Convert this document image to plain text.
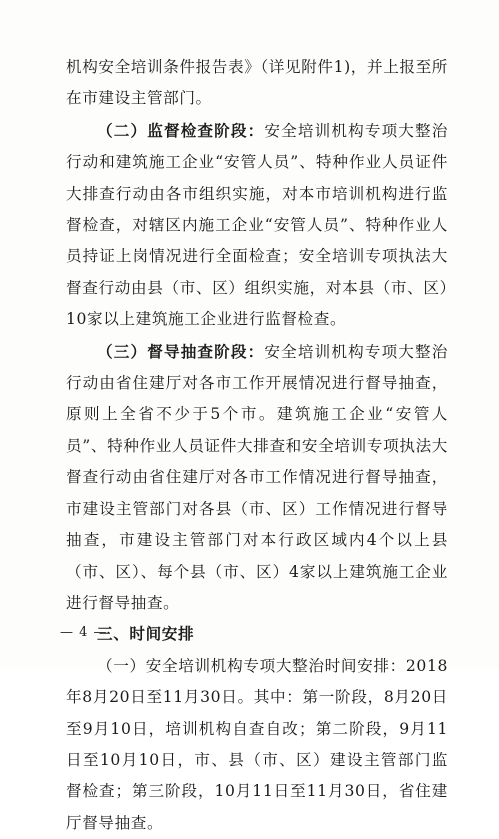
机构安全培训条件报告表》（详见附件1)，并上报至所在市建设主管部门。

（二）监督检查阶段：安全培训机构专项大整治行动和建筑施工企业“安管人员”、特种作业人员证件大排查行动由各市组织实施，对本市培训机构进行监督检查，对辖区内施工企业“安管人员”、特种作业人员持证上岗情况进行全面检查；安全培训专项执法大督查行动由县（市、区）组织实施，对本县（市、区）10家以上建筑施工企业进行监督检查。

（三）督导抽查阶段：安全培训机构专项大整治行动由省住建厅对各市工作开展情况进行督导抽查，原则上全省不少于5个市。建筑施工企业“安管人员”、特种作业人员证件大排查和安全培训专项执法大督查行动由省住建厅对各市工作情况进行督导抽查，市建设主管部门对各县（市、区）工作情况进行督导抽查，市建设主管部门对本行政区域内4个以上县（市、区）、每个县（市、区）4家以上建筑施工企业进行督导抽查。

三、时间安排

（一）安全培训机构专项大整治时间安排：2018年8月20日至11月30日。其中：第一阶段，8月20日至9月10日，培训机构自查自改；第二阶段，9月11日至10月10日，市、县（市、区）建设主管部门监督检查；第三阶段，10月11日至11月30日，省住建厅督导抽查。

— 4 —
